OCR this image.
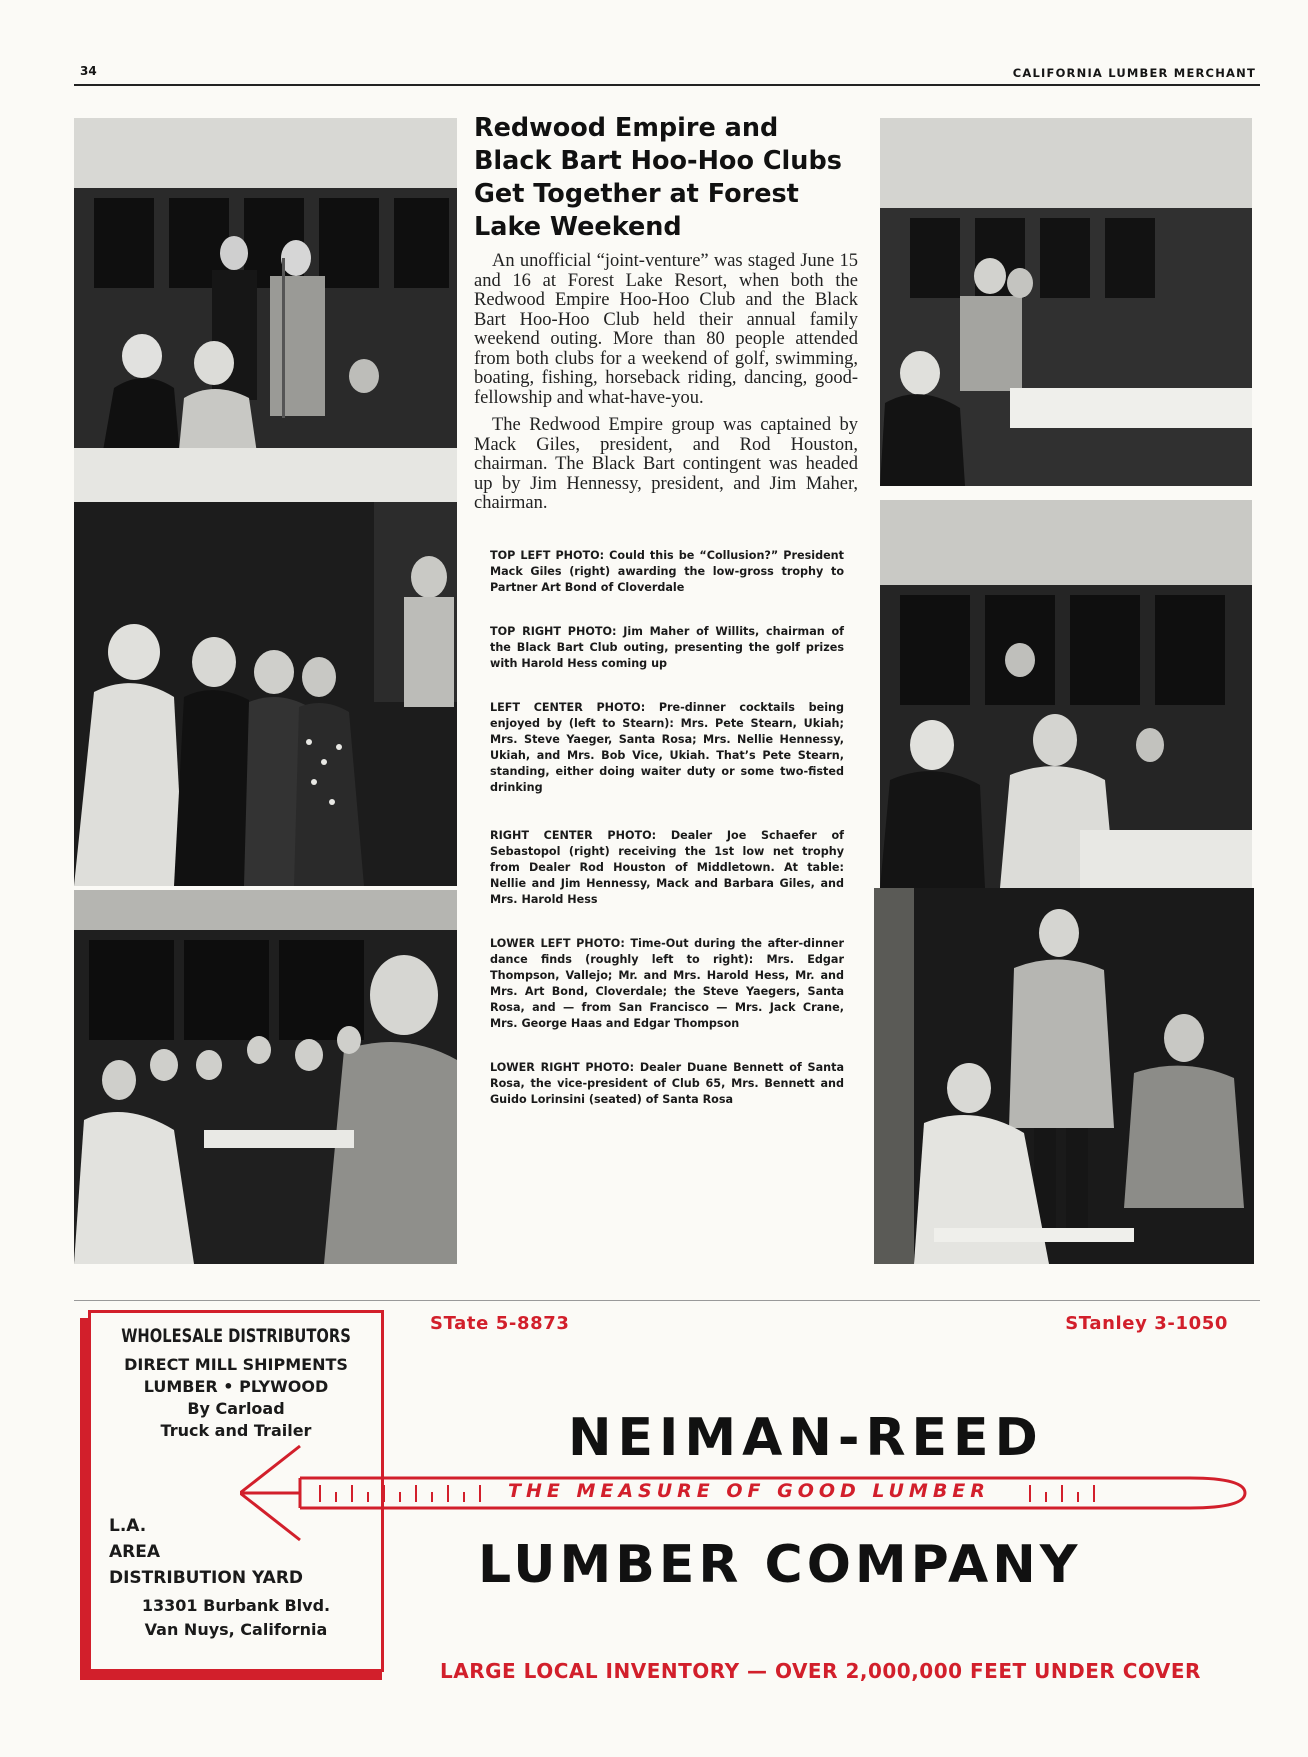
34	CALIFORNIA LUMBER MERCHANT
Redwood Empire and Black Bart Hoo-Hoo Clubs Get Together at Forest Lake Weekend

An unofficial “joint-venture” was staged June 15 and 16 at Forest Lake Resort, when both the Redwood Empire Hoo-Hoo Club and the Black Bart Hoo-Hoo Club held their annual family weekend outing. More than 80 people attended from both clubs for a weekend of golf, swimming, boating, fishing, horseback riding, dancing, good-fellowship and what-have-you.

The Redwood Empire group was captained by Mack Giles, president, and Rod Houston, chairman. The Black Bart contingent was headed up by Jim Hennessy, president, and Jim Maher, chairman.

TOP LEFT PHOTO: Could this be “Collusion?” President Mack Giles (right) awarding the low-gross trophy to Partner Art Bond of Cloverdale

TOP RIGHT PHOTO: Jim Maher of Willits, chairman of the Black Bart Club outing, presenting the golf prizes with Harold Hess coming up

LEFT CENTER PHOTO: Pre-dinner cocktails being enjoyed by (left to Stearn): Mrs. Pete Stearn, Ukiah; Mrs. Steve Yaeger, Santa Rosa; Mrs. Nellie Hennessy, Ukiah, and Mrs. Bob Vice, Ukiah. That’s Pete Stearn, standing, either doing waiter duty or some two-fisted drinking

RIGHT CENTER PHOTO: Dealer Joe Schaefer of Sebastopol (right) receiving the 1st low net trophy from Dealer Rod Houston of Middletown. At table: Nellie and Jim Hennessy, Mack and Barbara Giles, and Mrs. Harold Hess

LOWER LEFT PHOTO: Time-Out during the after-dinner dance finds (roughly left to right): Mrs. Edgar Thompson, Vallejo; Mr. and Mrs. Harold Hess, Mr. and Mrs. Art Bond, Cloverdale; the Steve Yaegers, Santa Rosa, and — from San Francisco — Mrs. Jack Crane, Mrs. George Haas and Edgar Thompson

LOWER RIGHT PHOTO: Dealer Duane Bennett of Santa Rosa, the vice-president of Club 65, Mrs. Bennett and Guido Lorinsini (seated) of Santa Rosa

WHOLESALE DISTRIBUTORS
DIRECT MILL SHIPMENTS
LUMBER • PLYWOOD
By Carload
Truck and Trailer
L.A.
AREA
DISTRIBUTION YARD
13301 Burbank Blvd.
Van Nuys, California
STate 5-8873	STanley 3-1050
NEIMAN-REED
THE MEASURE OF GOOD LUMBER
LUMBER COMPANY
LARGE LOCAL INVENTORY — OVER 2,000,000 FEET UNDER COVER
